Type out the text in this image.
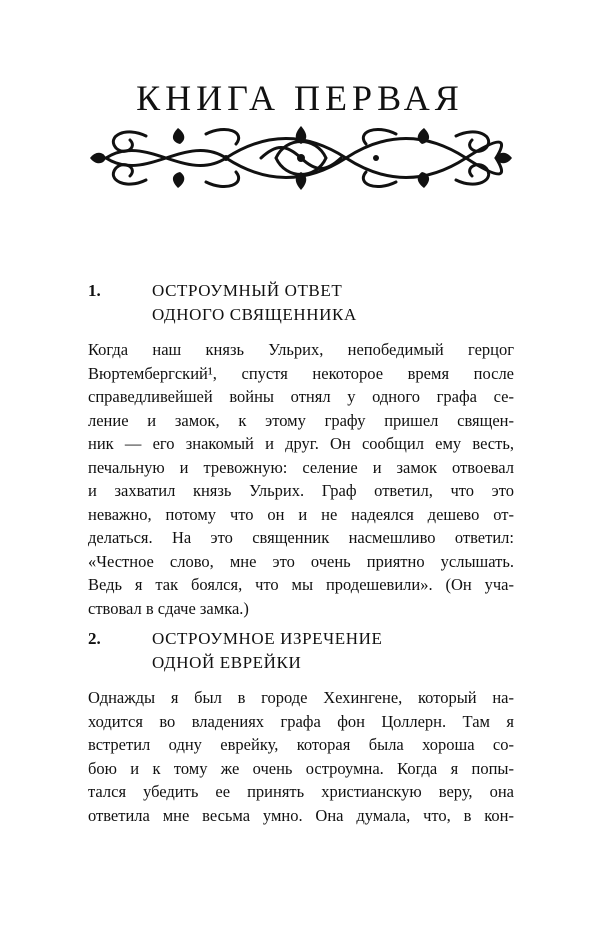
КНИГА ПЕРВАЯ
1.	ОСТРОУМНЫЙ ОТВЕТ
ОДНОГО СВЯЩЕННИКА
Когда наш князь Ульрих, непобедимый герцог
Вюртембергский¹, спустя некоторое время после
справедливейшей войны отнял у одного графа се-
ление и замок, к этому графу пришел священ-
ник — его знакомый и друг. Он сообщил ему весть,
печальную и тревожную: селение и замок отвоевал
и захватил князь Ульрих. Граф ответил, что это
неважно, потому что он и не надеялся дешево от-
делаться. На это священник насмешливо ответил:
«Честное слово, мне это очень приятно услышать.
Ведь я так боялся, что мы продешевили». (Он уча-
ствовал в сдаче замка.)
2.	ОСТРОУМНОЕ ИЗРЕЧЕНИЕ
ОДНОЙ ЕВРЕЙКИ
Однажды я был в городе Хехингене, который на-
ходится во владениях графа фон Цоллерн. Там я
встретил одну еврейку, которая была хороша со-
бою и к тому же очень остроумна. Когда я попы-
тался убедить ее принять христианскую веру, она
ответила мне весьма умно. Она думала, что, в кон-
